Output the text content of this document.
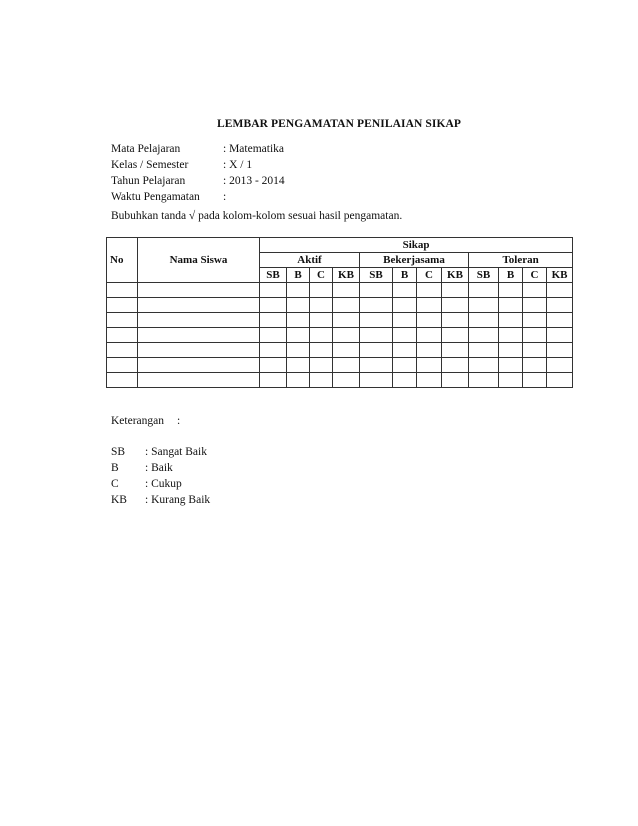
LEMBAR PENGAMATAN PENILAIAN SIKAP
Mata Pelajaran	: Matematika
Kelas / Semester	: X / 1
Tahun Pelajaran	: 2013 - 2014
Waktu Pengamatan	:
Bubuhkan tanda √ pada kolom-kolom sesuai hasil pengamatan.
No	Nama Siswa	Sikap											
		Aktif				Bekerjasama				Toleran			
		SB	B	C	KB	SB	B	C	KB	SB	B	C	KB

Keterangan	:
SB	: Sangat Baik
B	: Baik
C	: Cukup
KB	: Kurang Baik
